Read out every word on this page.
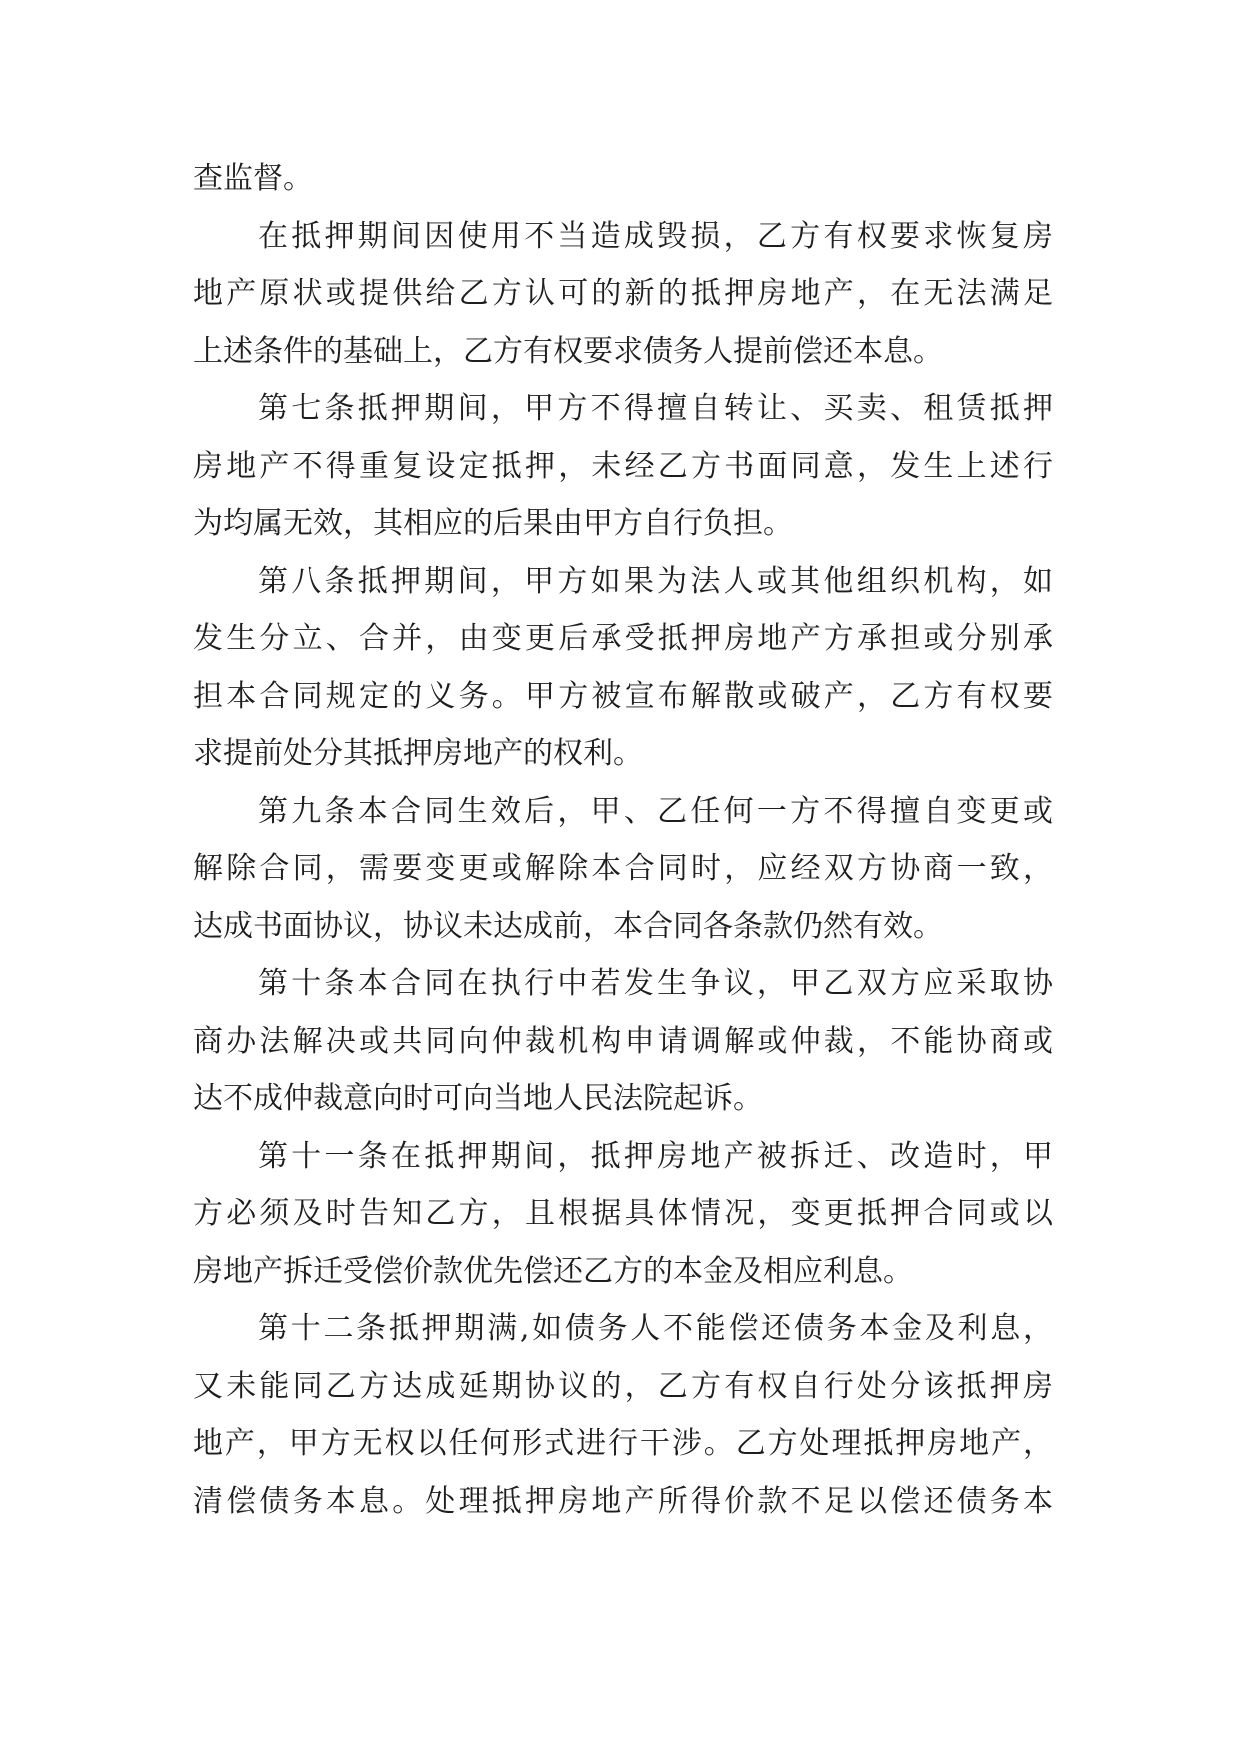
查监督。
在抵押期间因使用不当造成毁损，乙方有权要求恢复房
地产原状或提供给乙方认可的新的抵押房地产，在无法满足
上述条件的基础上，乙方有权要求债务人提前偿还本息。
第七条抵押期间，甲方不得擅自转让、买卖、租赁抵押
房地产不得重复设定抵押，未经乙方书面同意，发生上述行
为均属无效，其相应的后果由甲方自行负担。
第八条抵押期间，甲方如果为法人或其他组织机构，如
发生分立、合并，由变更后承受抵押房地产方承担或分别承
担本合同规定的义务。甲方被宣布解散或破产，乙方有权要
求提前处分其抵押房地产的权利。
第九条本合同生效后，甲、乙任何一方不得擅自变更或
解除合同，需要变更或解除本合同时，应经双方协商一致，
达成书面协议，协议未达成前，本合同各条款仍然有效。
第十条本合同在执行中若发生争议，甲乙双方应采取协
商办法解决或共同向仲裁机构申请调解或仲裁，不能协商或
达不成仲裁意向时可向当地人民法院起诉。
第十一条在抵押期间，抵押房地产被拆迁、改造时，甲
方必须及时告知乙方，且根据具体情况，变更抵押合同或以
房地产拆迁受偿价款优先偿还乙方的本金及相应利息。
第十二条抵押期满,如债务人不能偿还债务本金及利息，
又未能同乙方达成延期协议的，乙方有权自行处分该抵押房
地产，甲方无权以任何形式进行干涉。乙方处理抵押房地产，
清偿债务本息。处理抵押房地产所得价款不足以偿还债务本
